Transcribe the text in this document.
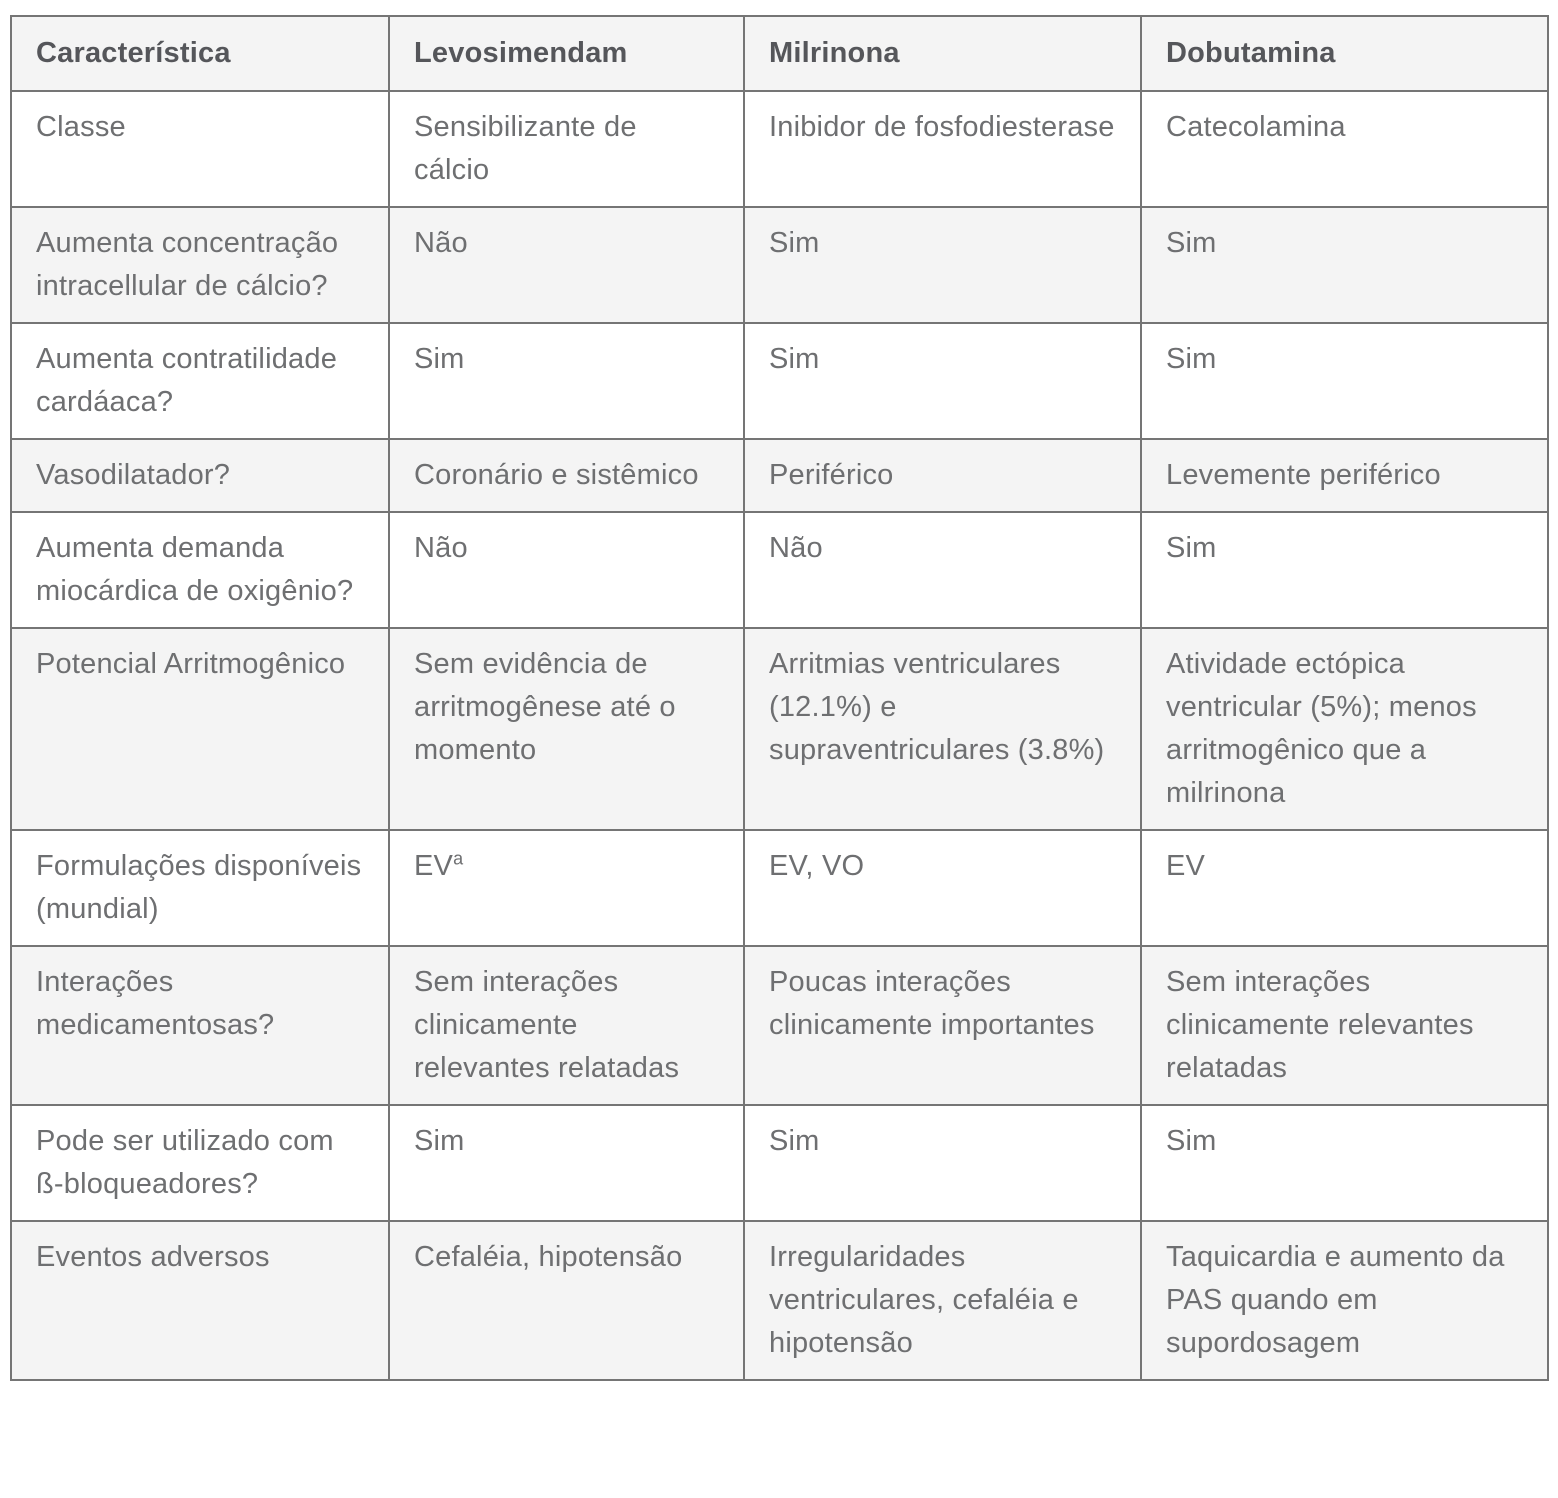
Característica	Levosimendam	Milrinona	Dobutamina
Classe	Sensibilizante de cálcio	Inibidor de fosfodiesterase	Catecolamina
Aumenta concentração intracellular de cálcio?	Não	Sim	Sim
Aumenta contratilidade cardáaca?	Sim	Sim	Sim
Vasodilatador?	Coronário e sistêmico	Periférico	Levemente periférico
Aumenta demanda miocárdica de oxigênio?	Não	Não	Sim
Potencial Arritmogênico	Sem evidência de arritmogênese até o momento	Arritmias ventriculares (12.1%) e supraventriculares (3.8%)	Atividade ectópica ventricular (5%); menos arritmogênico que a milrinona
Formulações disponíveis (mundial)	EV$^a$	EV, VO	EV
Interações medicamentosas?	Sem interações clinicamente relevantes relatadas	Poucas interações clinicamente importantes	Sem interações clinicamente relevantes relatadas
Pode ser utilizado com ß-bloqueadores?	Sim	Sim	Sim
Eventos adversos	Cefaléia, hipotensão	Irregularidades ventriculares, cefaléia e hipotensão	Taquicardia e aumento da PAS quando em supordosagem
